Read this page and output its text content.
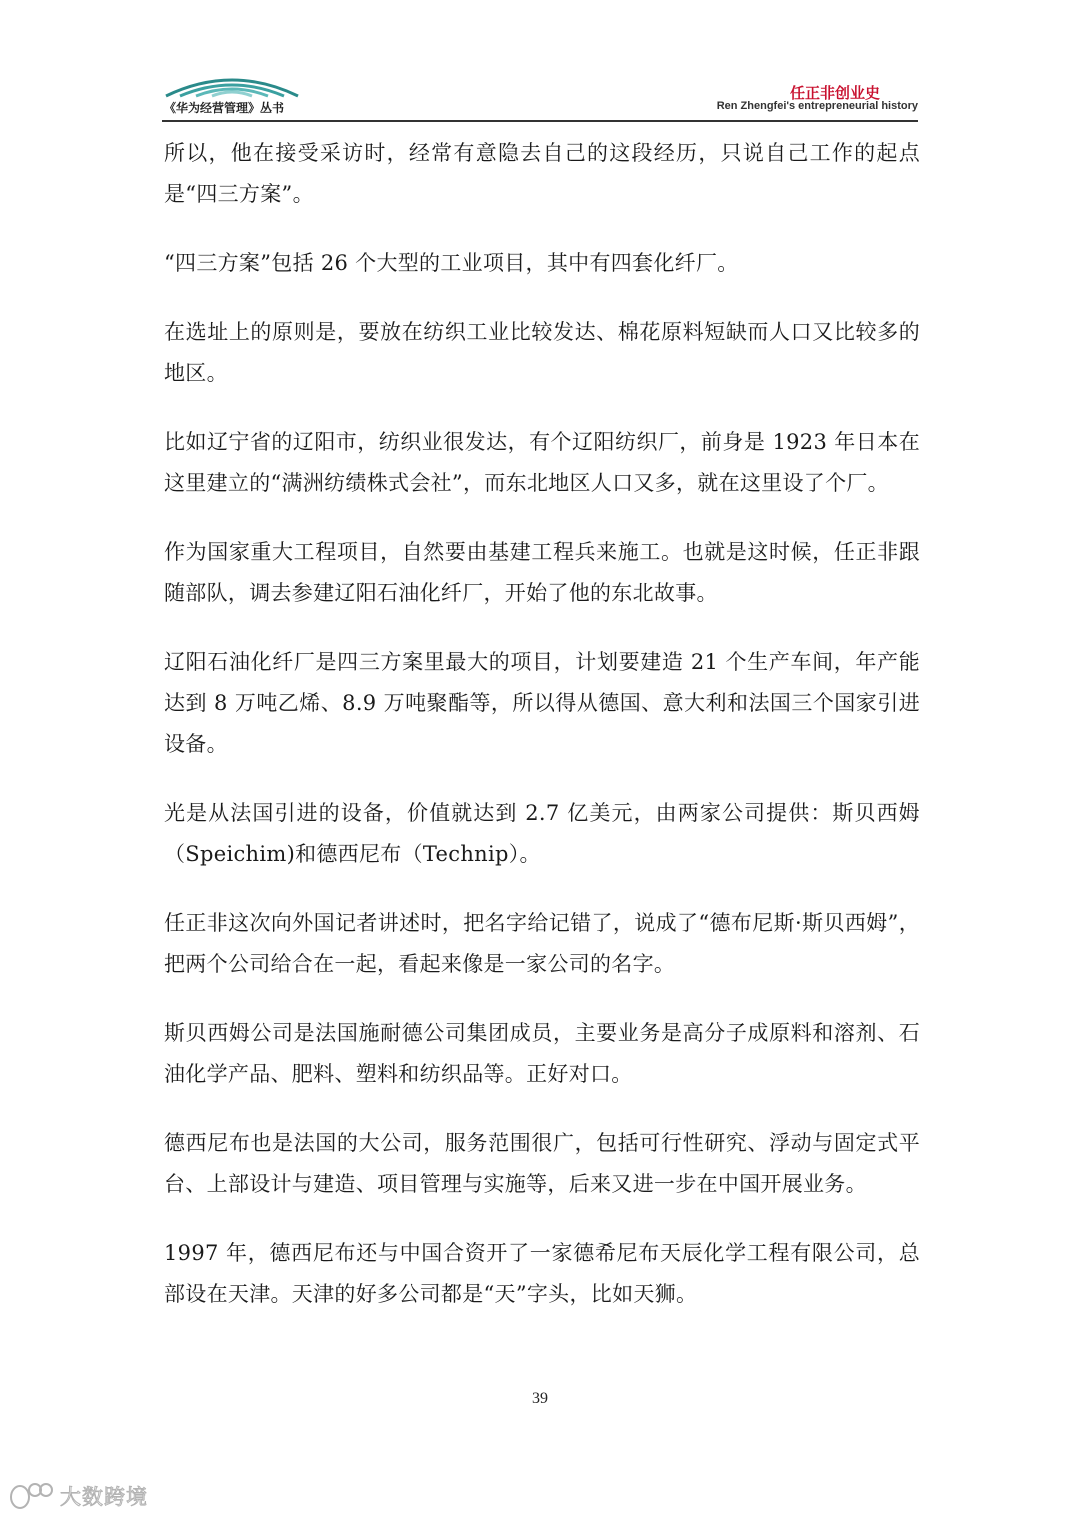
《华为经营管理》丛书
任正非创业史
Ren Zhengfei's entrepreneurial history

所以，他在接受采访时，经常有意隐去自己的这段经历，只说自己工作的起点是“四三方案”。

“四三方案”包括 26 个大型的工业项目，其中有四套化纤厂。

在选址上的原则是，要放在纺织工业比较发达、棉花原料短缺而人口又比较多的地区。

比如辽宁省的辽阳市，纺织业很发达，有个辽阳纺织厂，前身是 1923 年日本在这里建立的“满洲纺绩株式会社”，而东北地区人口又多，就在这里设了个厂。

作为国家重大工程项目，自然要由基建工程兵来施工。也就是这时候，任正非跟随部队，调去参建辽阳石油化纤厂，开始了他的东北故事。

辽阳石油化纤厂是四三方案里最大的项目，计划要建造 21 个生产车间，年产能达到 8 万吨乙烯、8.9 万吨聚酯等，所以得从德国、意大利和法国三个国家引进设备。

光是从法国引进的设备，价值就达到 2.7 亿美元，由两家公司提供：斯贝西姆（Speichim)和德西尼布（Technip）。

任正非这次向外国记者讲述时，把名字给记错了，说成了“德布尼斯·斯贝西姆”，把两个公司给合在一起，看起来像是一家公司的名字。

斯贝西姆公司是法国施耐德公司集团成员，主要业务是高分子成原料和溶剂、石油化学产品、肥料、塑料和纺织品等。正好对口。

德西尼布也是法国的大公司，服务范围很广，包括可行性研究、浮动与固定式平台、上部设计与建造、项目管理与实施等，后来又进一步在中国开展业务。

1997 年，德西尼布还与中国合资开了一家德希尼布天辰化学工程有限公司，总部设在天津。天津的好多公司都是“天”字头，比如天狮。

39
大数跨境
